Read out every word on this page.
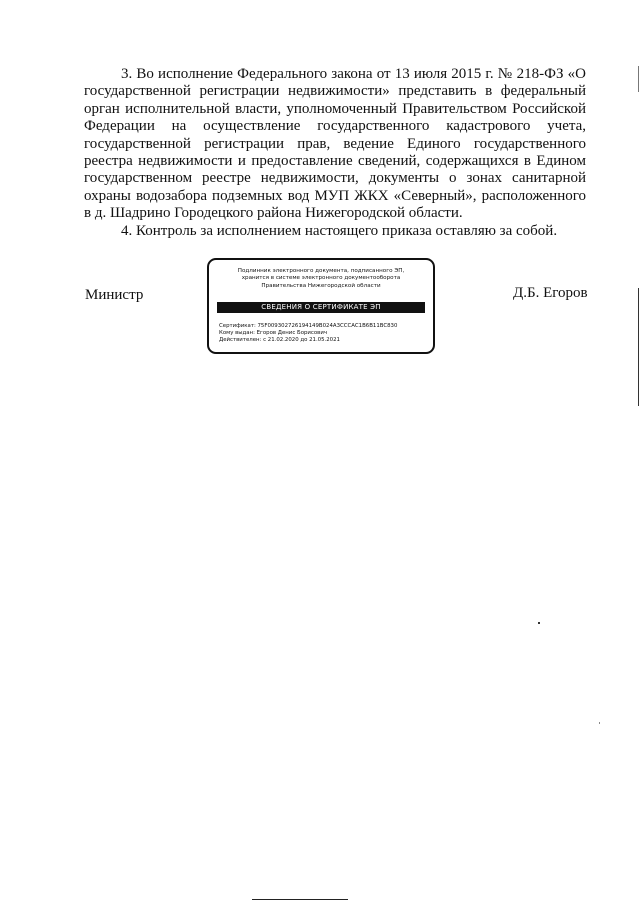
3. Во исполнение Федерального закона от 13 июля 2015 г. № 218-ФЗ «О государственной регистрации недвижимости» представить в федеральный орган исполнительной власти, уполномоченный Правительством Российской Федерации на осуществление государственного кадастрового учета, государственной регистрации прав, ведение Единого государственного реестра недвижимости и предоставление сведений, содержащихся в Едином государственном реестре недвижимости, документы о зонах санитарной охраны водозабора подземных вод МУП ЖКХ «Северный», расположенного в д. Шадрино Городецкого района Нижегородской области.

4. Контроль за исполнением настоящего приказа оставляю за собой.

Министр	Д.Б. Егоров
Подлинник электронного документа, подписанного ЭП,
хранится в системе электронного документооборота
Правительства Нижегородской области
СВЕДЕНИЯ О СЕРТИФИКАТЕ ЭП
Сертификат: 75F009302726194149B024A3CCCAC1B6B11BC830
Кому выдан: Егоров Денис Борисович
Действителен: с 21.02.2020 до 21.05.2021
